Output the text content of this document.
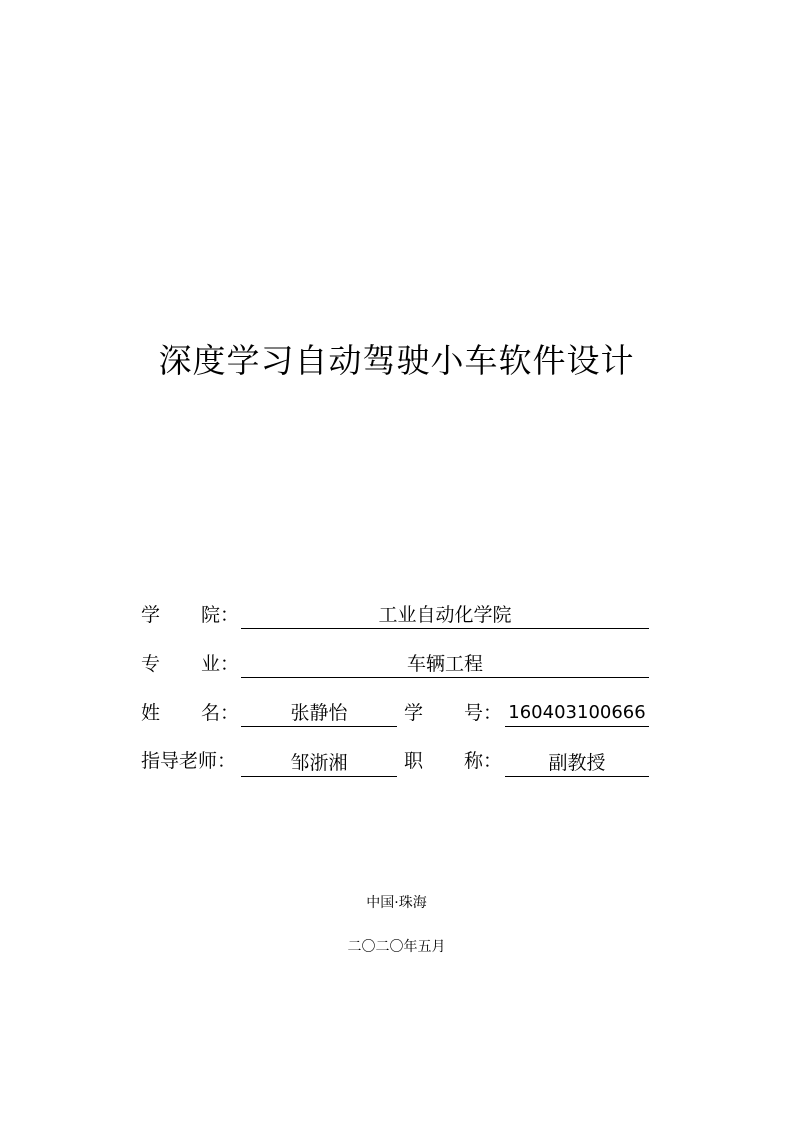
深度学习自动驾驶小车软件设计
学 院：	工业自动化学院
专 业：	车辆工程
姓 名：	张静怡	学 号： 160403100666
指导老师：	邹浙湘	职 称：	副教授
中国·珠海
二〇二〇年五月
